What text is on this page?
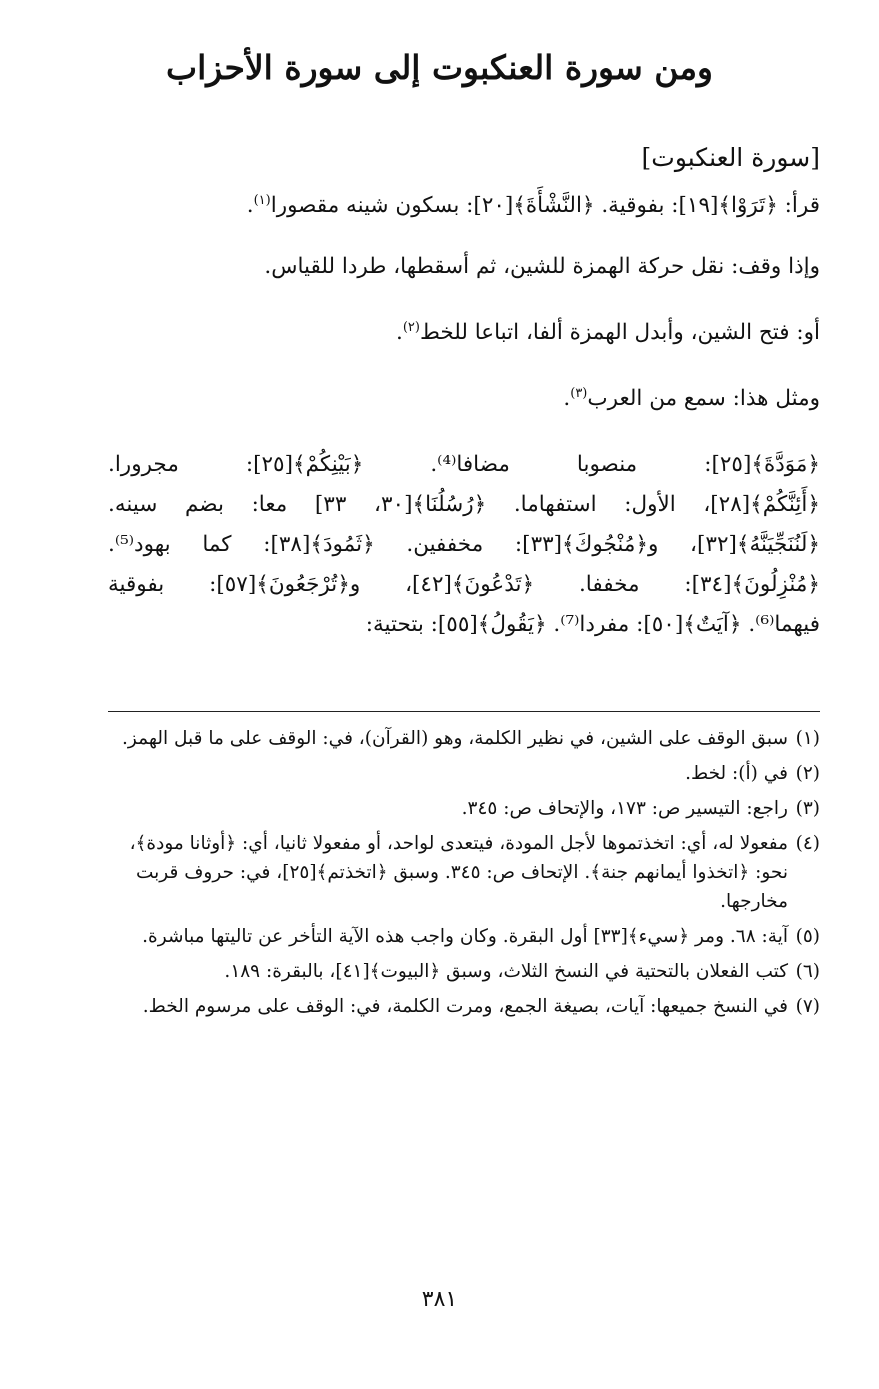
ومن سورة العنكبوت إلى سورة الأحزاب
[سورة العنكبوت]
قرأ: ﴿تَرَوْا﴾[١٩]: بفوقية. ﴿النَّشْأَةَ﴾[٢٠]: بسكون شينه مقصورا$^{(١)}$.
وإذا وقف: نقل حركة الهمزة للشين، ثم أسقطها، طردا للقياس.
أو: فتح الشين، وأبدل الهمزة ألفا، اتباعا للخط$^{(٢)}$.
ومثل هذا: سمع من العرب$^{(٣)}$.
﴿مَوَدَّةَ﴾[٢٥]: منصوبا مضافا⁽⁴⁾. ﴿بَيْنِكُمْ﴾[٢٥]: مجرورا.
﴿أَئِنَّكُمْ﴾[٢٨]، الأول: استفهاما. ﴿رُسُلُنَا﴾[٣٠، ٣٣] معا: بضم سينه.
﴿لَنُنَجِّيَنَّهُ﴾[٣٢]، و﴿مُنْجُوكَ﴾[٣٣]: مخففين. ﴿ثَمُودَ﴾[٣٨]: كما بهود⁽⁵⁾.
﴿مُنْزِلُونَ﴾[٣٤]: مخففا. ﴿تَدْعُونَ﴾[٤٢]، و﴿تُرْجَعُونَ﴾[٥٧]: بفوقية
فيهما⁽⁶⁾. ﴿آيَتٌ﴾[٥٠]: مفردا⁽⁷⁾. ﴿يَقُولُ﴾[٥٥]: بتحتية:
(١)
سبق الوقف على الشين، في نظير الكلمة، وهو (القرآن)، في: الوقف على ما قبل الهمز.
(٢)
في (أ): لخط.
(٣)
راجع: التيسير ص: ١٧٣، والإتحاف ص: ٣٤٥.
(٤)
مفعولا له، أي: اتخذتموها لأجل المودة، فيتعدى لواحد، أو مفعولا ثانيا، أي: ﴿أوثانا مودة﴾، نحو: ﴿اتخذوا أيمانهم جنة﴾. الإتحاف ص: ٣٤٥. وسبق ﴿اتخذتم﴾[٢٥]، في: حروف قربت مخارجها.
(٥)
آية: ٦٨. ومر ﴿سيء﴾[٣٣] أول البقرة. وكان واجب هذه الآية التأخر عن تاليتها مباشرة.
(٦)
كتب الفعلان بالتحتية في النسخ الثلاث، وسبق ﴿البيوت﴾[٤١]، بالبقرة: ١٨٩.
(٧)
في النسخ جميعها: آيات، بصيغة الجمع، ومرت الكلمة، في: الوقف على مرسوم الخط.
٣٨١
